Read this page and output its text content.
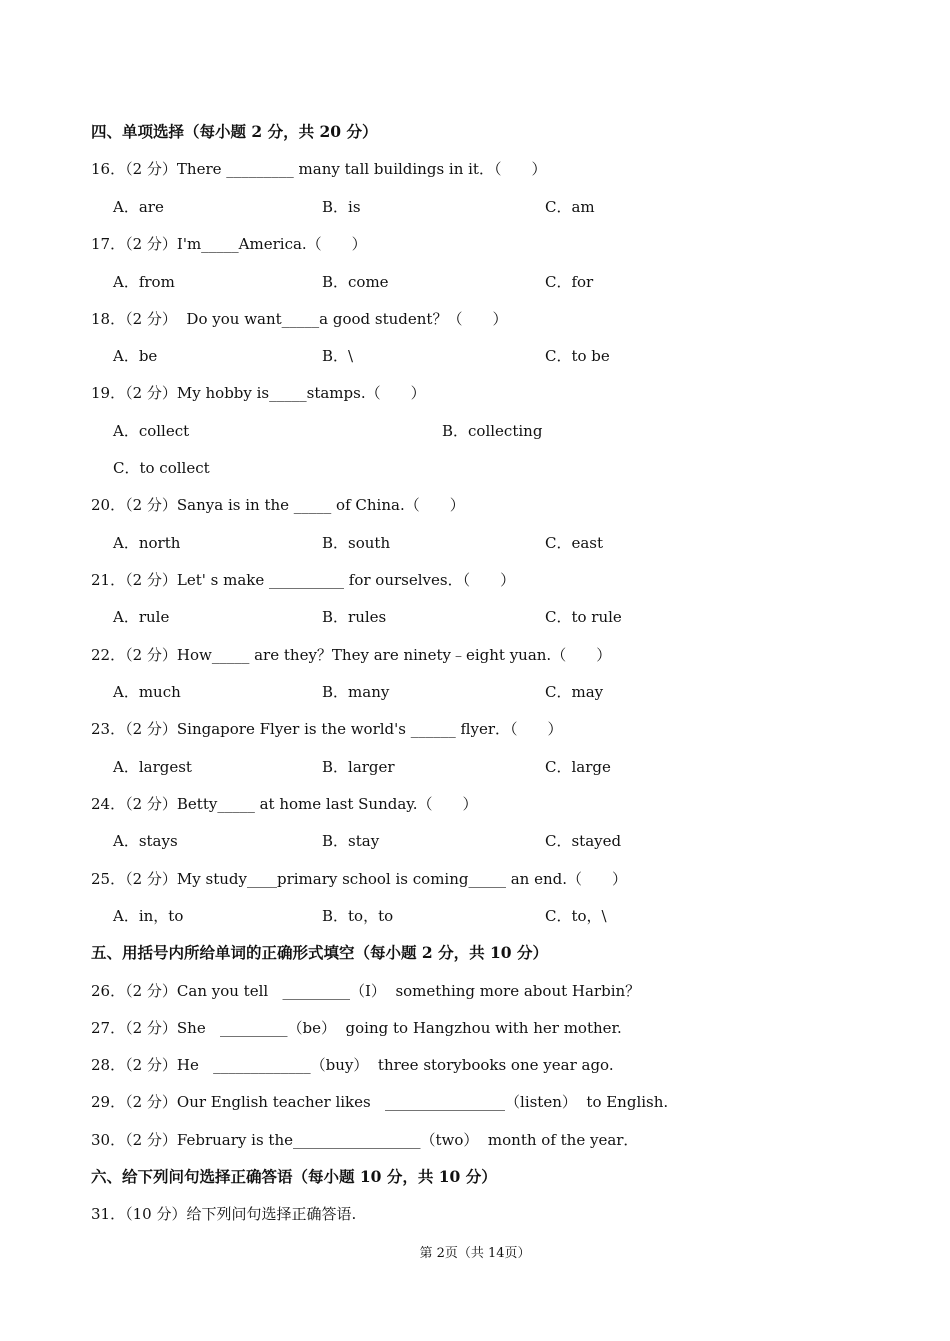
四、单项选择（每小题 2 分，共 20 分）

16．（2 分）There _________ many tall buildings in it．（　　）

A．are

	B．is

	C．am

17．（2 分）I'm_____America.（　　）

A．from

	B．come

	C．for

18．（2 分）  Do you want_____a good student？（　　）

A．be

	B．\

	C．to be

19．（2 分）My hobby is_____stamps.（　　）

A．collect

	B．collecting

C．to collect

20．（2 分）Sanya is in the _____ of China.（　　）

A．north

	B．south

	C．east

21．（2 分）Let' s make __________ for ourselves．（　　）

A．rule

	B．rules

	C．to rule

22．（2 分）How_____ are they？They are ninety﹣eight yuan.（　　）

A．much

	B．many

	C．may

23．（2 分）Singapore Flyer is the world's ______ flyer．（　　）

A．largest

	B．larger

	C．large

24．（2 分）Betty_____ at home last Sunday.（　　）

A．stays

	B．stay

	C．stayed

25．（2 分）My study____primary school is coming_____ an end.（　　）

A．in，to

	B．to，to

	C．to，\

五、用括号内所给单词的正确形式填空（每小题 2 分，共 10 分）

26．（2 分）Can you tell   _________（I）  something more about Harbin？

27．（2 分）She   _________（be）  going to Hangzhou with her mother.

28．（2 分）He   _____________（buy）  three storybooks one year ago.

29．（2 分）Our English teacher likes   ________________（listen）  to English.

30．（2 分）February is the_________________（two）  month of the year．

六、给下列问句选择正确答语（每小题 10 分，共 10 分）

31．（10 分）给下列问句选择正确答语.

第 2页（共 14页）
